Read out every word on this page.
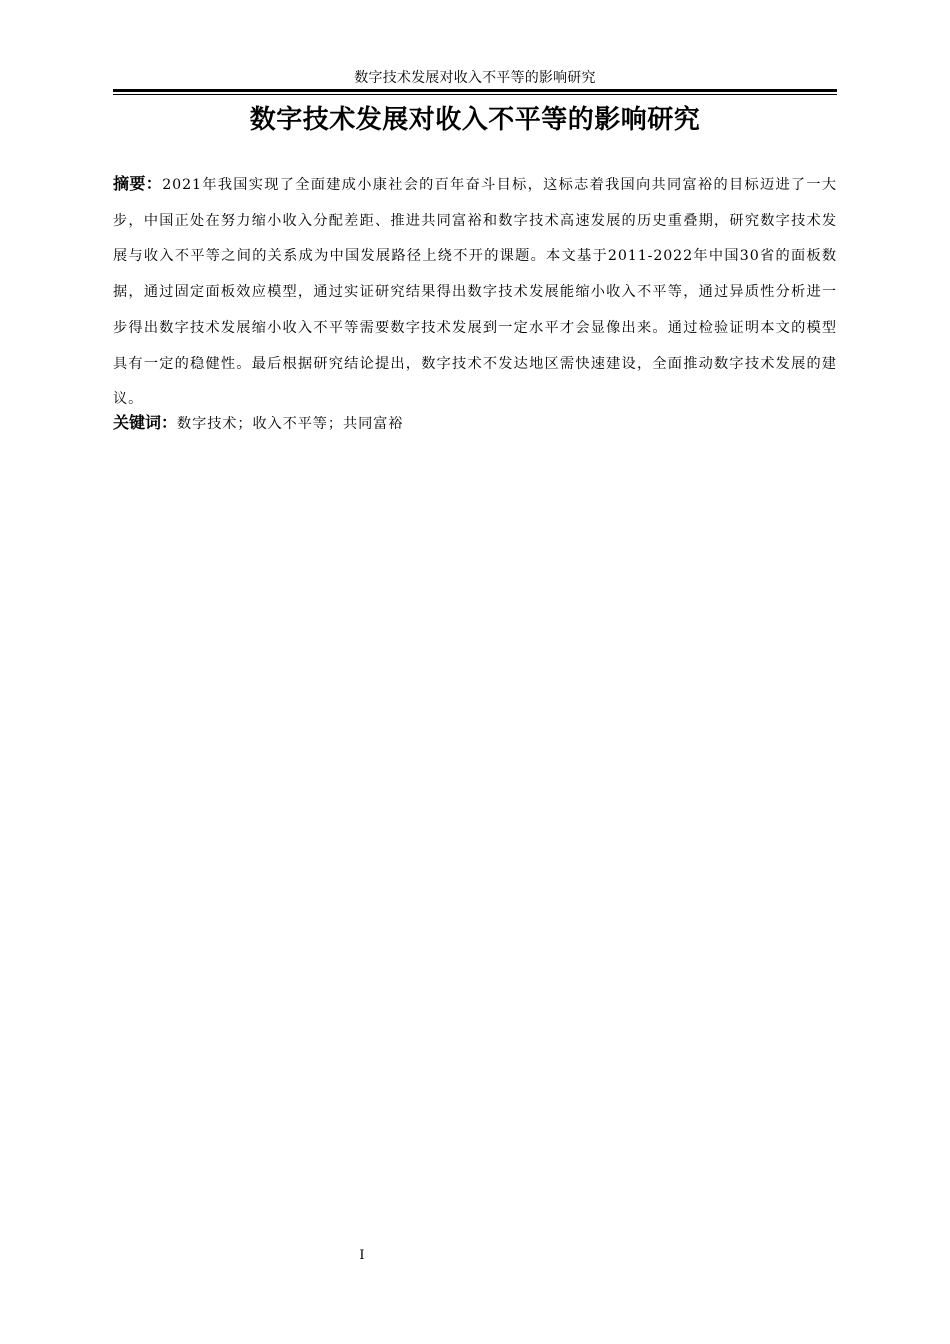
数字技术发展对收入不平等的影响研究
数字技术发展对收入不平等的影响研究

摘要：2021年我国实现了全面建成小康社会的百年奋斗目标，这标志着我国向共同富裕的目标迈进了一大步，中国正处在努力缩小收入分配差距、推进共同富裕和数字技术高速发展的历史重叠期，研究数字技术发展与收入不平等之间的关系成为中国发展路径上绕不开的课题。本文基于2011-2022年中国30省的面板数据，通过固定面板效应模型，通过实证研究结果得出数字技术发展能缩小收入不平等，通过异质性分析进一步得出数字技术发展缩小收入不平等需要数字技术发展到一定水平才会显像出来。通过检验证明本文的模型具有一定的稳健性。最后根据研究结论提出，数字技术不发达地区需快速建设，全面推动数字技术发展的建议。

关键词：数字技术；收入不平等；共同富裕

I
